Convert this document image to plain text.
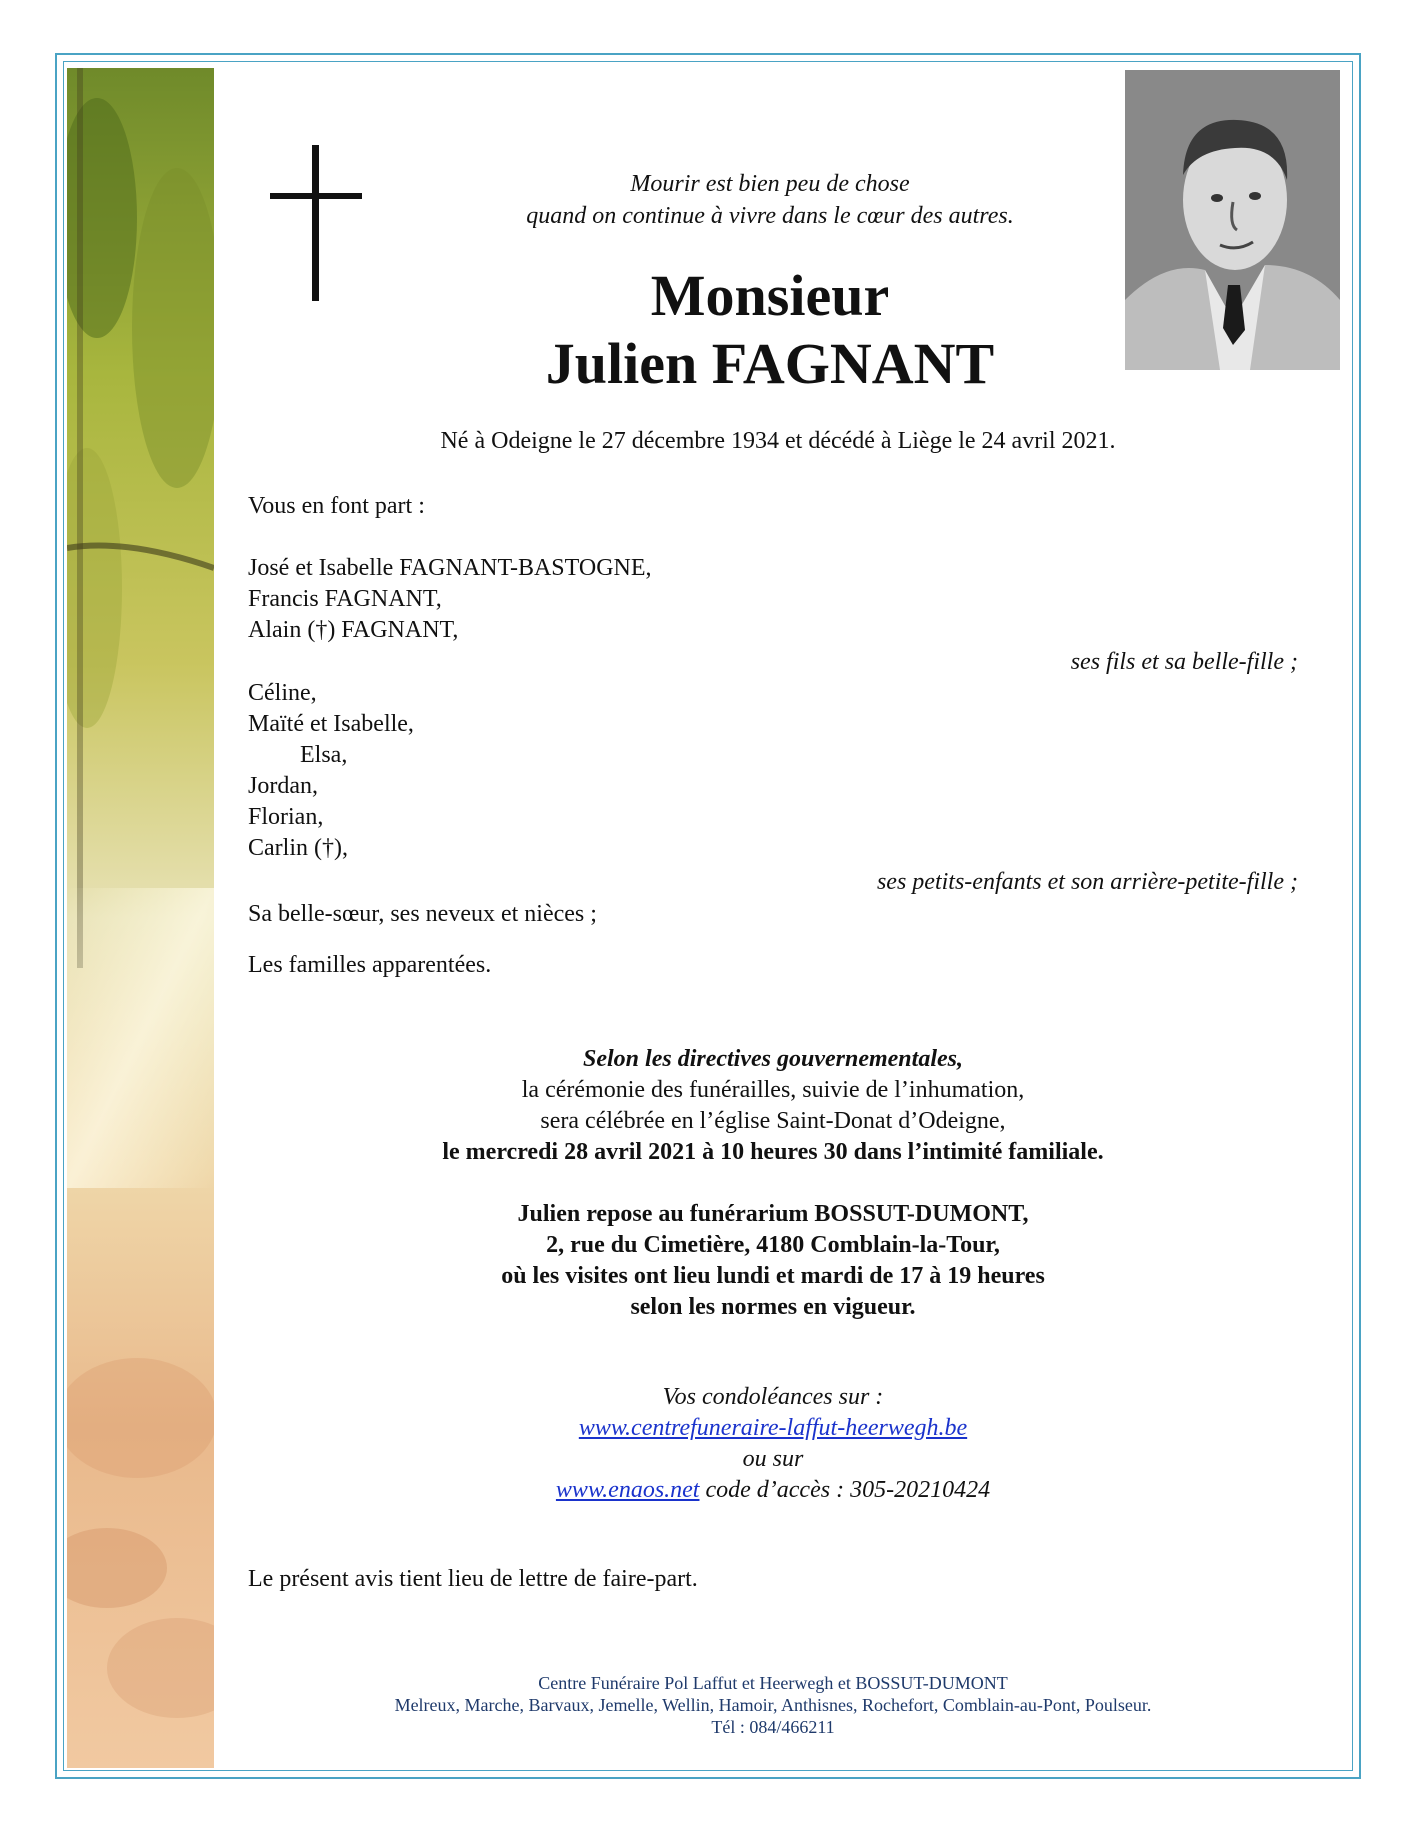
Mourir est bien peu de chose
quand on continue à vivre dans le cœur des autres.
Monsieur
Julien FAGNANT
Né à Odeigne le 27 décembre 1934 et décédé à Liège le 24 avril 2021.
Vous en font part :
José et Isabelle FAGNANT-BASTOGNE,
Francis FAGNANT,
Alain (†) FAGNANT,
ses fils et sa belle-fille ;
Céline,
Maïté et Isabelle,
Elsa,
Jordan,
Florian,
Carlin (†),
ses petits-enfants et son arrière-petite-fille ;
Sa belle-sœur, ses neveux et nièces ;
Les familles apparentées.
Selon les directives gouvernementales,
la cérémonie des funérailles, suivie de l’inhumation,
sera célébrée en l’église Saint-Donat d’Odeigne,
le mercredi 28 avril 2021 à 10 heures 30 dans l’intimité familiale.
Julien repose au funérarium BOSSUT-DUMONT,
2, rue du Cimetière, 4180 Comblain-la-Tour,
où les visites ont lieu lundi et mardi de 17 à 19 heures
selon les normes en vigueur.
Vos condoléances sur :
www.centrefuneraire-laffut-heerwegh.be
ou sur
www.enaos.net code d’accès : 305-20210424
Le présent avis tient lieu de lettre de faire-part.
Centre Funéraire Pol Laffut et Heerwegh et BOSSUT-DUMONT
Melreux, Marche, Barvaux, Jemelle, Wellin, Hamoir, Anthisnes, Rochefort, Comblain-au-Pont, Poulseur.
Tél : 084/466211
